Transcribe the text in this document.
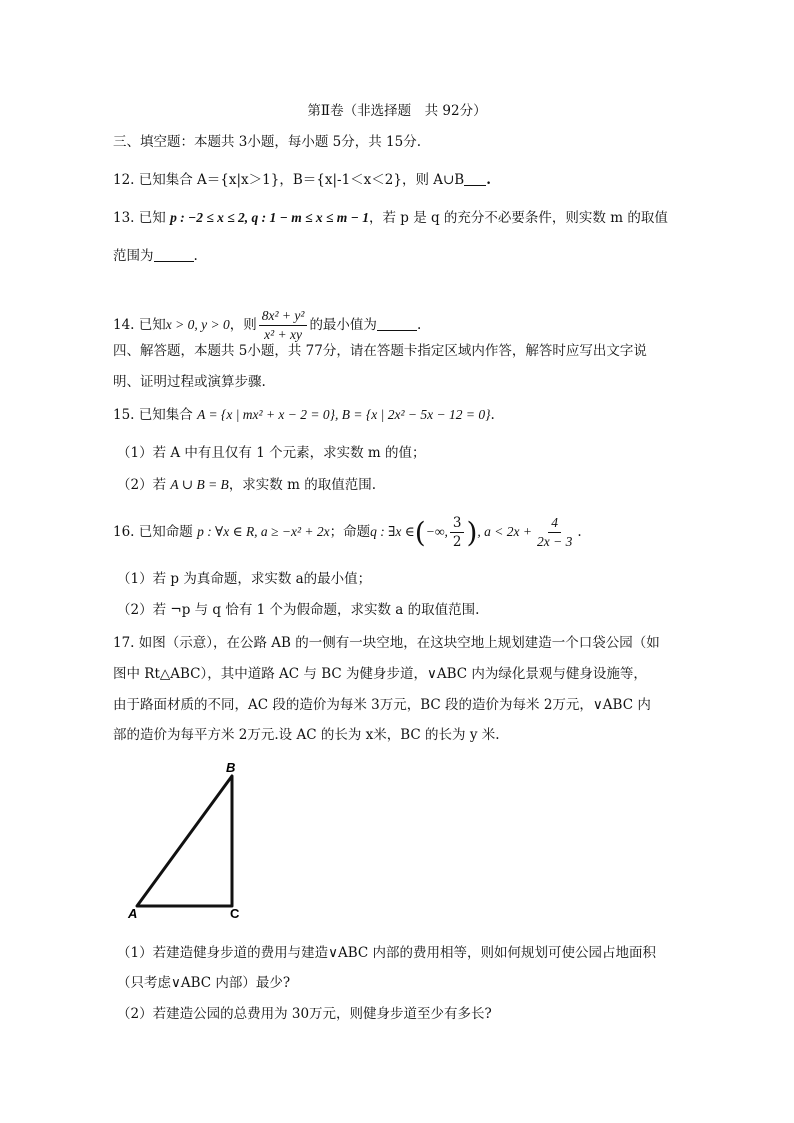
第Ⅱ卷（非选择题　共 92分）
三、填空题：本题共 3小题，每小题 5分，共 15分.
12. 已知集合 A＝{x|x＞1}，B＝{x|-1＜x＜2}，则 A∪B .
13. 已知 p : −2 ≤ x ≤ 2, q : 1 − m ≤ x ≤ m − 1，若 p 是 q 的充分不必要条件，则实数 m 的取值
范围为	.
14. 已知x > 0, y > 0，则 $\frac{\text{8x² + y²}}{\text{x² + xy}}$ 的最小值为	.
四、解答题，本题共 5小题，共 77分，请在答题卡指定区域内作答，解答时应写出文字说
明、证明过程或演算步骤.
15. 已知集合 A = {x | mx² + x − 2 = 0}, B = {x | 2x² − 5x − 12 = 0}.
（1）若 A 中有且仅有 1 个元素，求实数 m 的值；
（2）若 A ∪ B = B，求实数 m 的取值范围.
16. 已知命题 p : ∀x ∈ R, a ≥ −x² + 2x；命题q : ∃x ∈(−∞, $\frac{3}{2}$ ), $a < 2x + \frac{4}{2x - 3}$ .
（1）若 p 为真命题，求实数 a的最小值；
（2）若 ¬p 与 q 恰有 1 个为假命题，求实数 a 的取值范围.
17. 如图（示意），在公路 AB 的一侧有一块空地，在这块空地上规划建造一个口袋公园（如
图中 Rt△ABC），其中道路 AC 与 BC 为健身步道，∨ABC 内为绿化景观与健身设施等，
由于路面材质的不同，AC 段的造价为每米 3万元，BC 段的造价为每米 2万元，∨ABC 内
部的造价为每平方米 2万元.设 AC 的长为 x米，BC 的长为 y 米.
B
A	C
（1）若建造健身步道的费用与建造∨ABC 内部的费用相等，则如何规划可使公园占地面积
（只考虑∨ABC 内部）最少?
（2）若建造公园的总费用为 30万元，则健身步道至少有多长?
